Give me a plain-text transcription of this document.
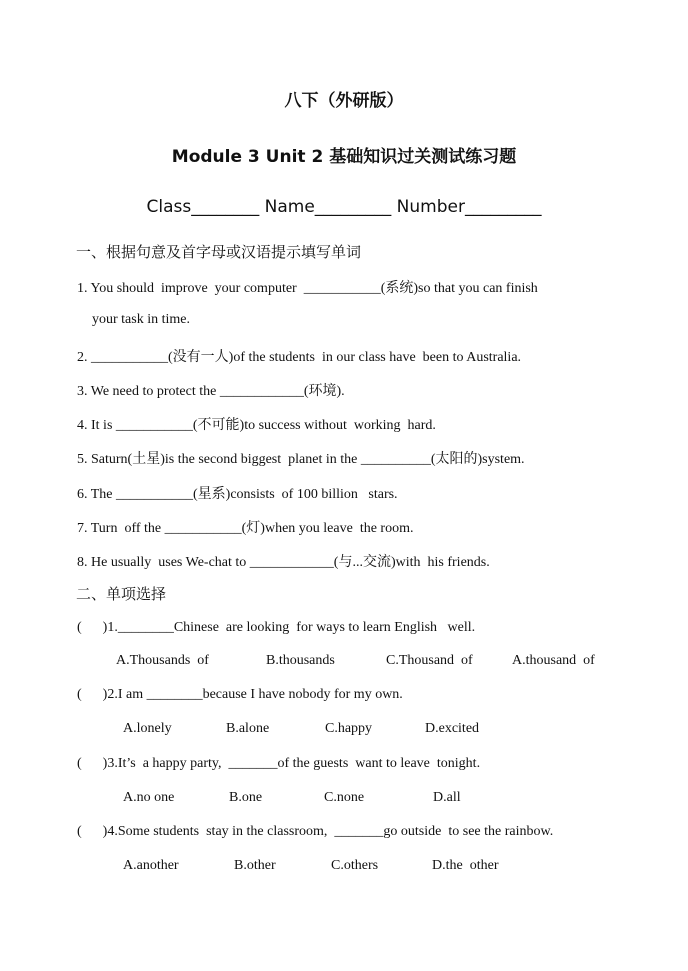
八下（外研版）
Module 3 Unit 2 基础知识过关测试练习题
Class________ Name_________ Number_________
一、根据句意及首字母或汉语提示填写单词
1. You should  improve  your computer  ___________(系统)so that you can finish
your task in time.
2. ___________(没有一人)of the students  in our class have  been to Australia.
3. We need to protect the ____________(环境).
4. It is ___________(不可能)to success without  working  hard.
5. Saturn(土星)is the second biggest  planet in the __________(太阳的)system.
6. The ___________(星系)consists  of 100 billion   stars.
7. Turn  off the ___________(灯)when you leave  the room.
8. He usually  uses We-chat to ____________(与...交流)with  his friends.
二、单项选择
(      )1.________Chinese  are looking  for ways to learn English   well.
A.Thousands  of	B.thousands	C.Thousand  of	A.thousand  of
(      )2.I am ________because I have nobody for my own.
A.lonely	B.alone	C.happy	D.excited
(      )3.It’s  a happy party,  _______of the guests  want to leave  tonight.
A.no one	B.one	C.none	D.all
(      )4.Some students  stay in the classroom,  _______go outside  to see the rainbow.
A.another	B.other	C.others	D.the  other
